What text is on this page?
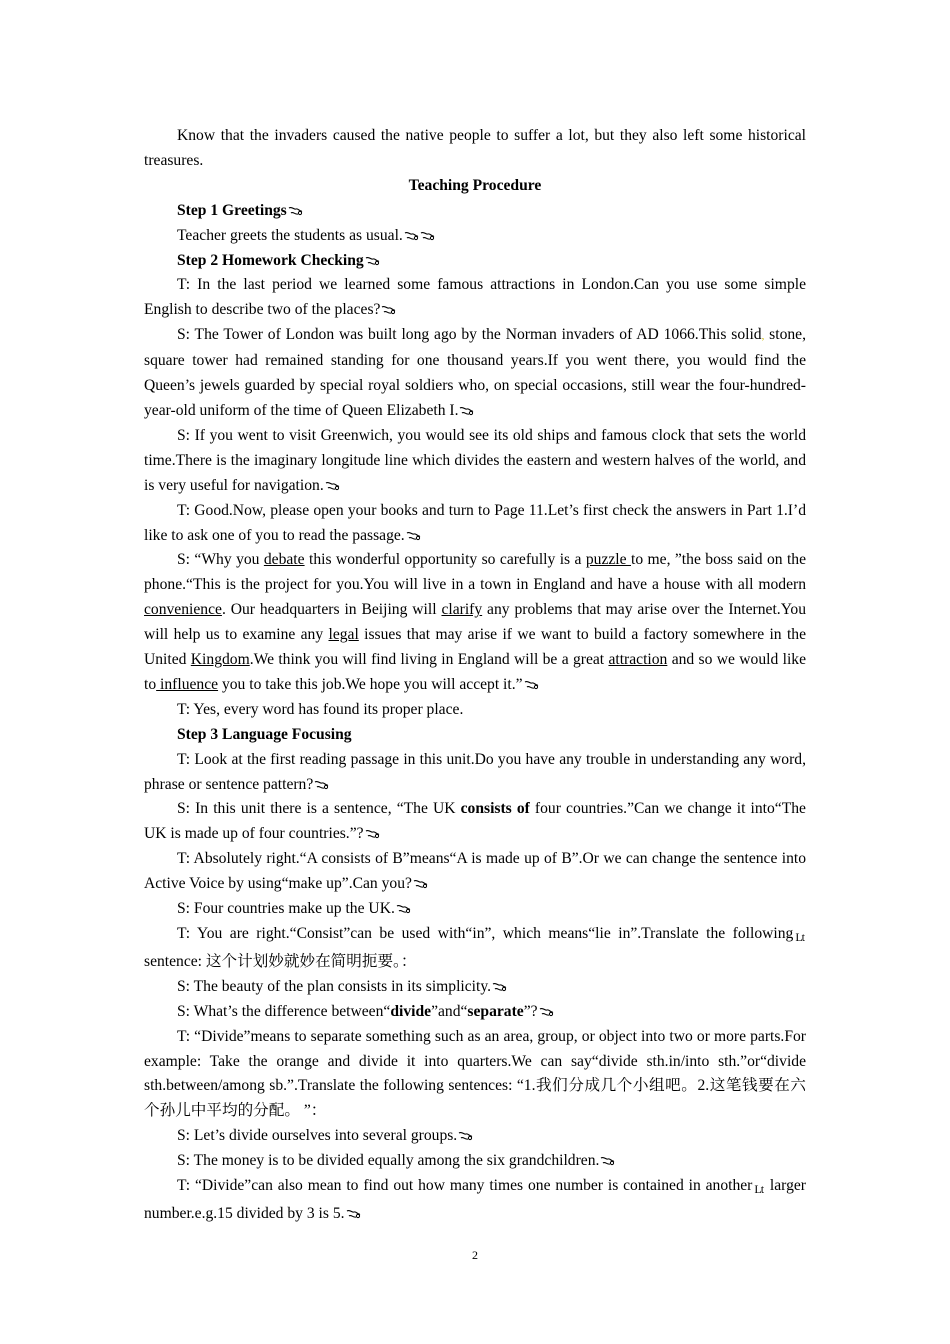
Know that the invaders caused the native people to suffer a lot, but they also left some historical treasures.

Teaching Procedure

Step 1 Greetings

Teacher greets the students as usual.

Step 2 Homework Checking

T: In the last period we learned some famous attractions in London.Can you use some simple English to describe two of the places?

S: The Tower of London was built long ago by the Norman invaders of AD 1066.This solid, stone, square tower had remained standing for one thousand years.If you went there, you would find the Queen’s jewels guarded by special royal soldiers who, on special occasions, still wear the four-hundred-year-old uniform of the time of Queen Elizabeth I.

S: If you went to visit Greenwich, you would see its old ships and famous clock that sets the world time.There is the imaginary longitude line which divides the eastern and western halves of the world, and is very useful for navigation.

T: Good.Now, please open your books and turn to Page 11.Let’s first check the answers in Part 1.I’d like to ask one of you to read the passage.

S: “Why you debate this wonderful opportunity so carefully is a puzzle to me, ”the boss said on the phone.“This is the project for you.You will live in a town in England and have a house with all modern convenience. Our headquarters in Beijing will clarify any problems that may arise over the Internet.You will help us to examine any legal issues that may arise if we want to build a factory somewhere in the United Kingdom.We think you will find living in England will be a great attraction and so we would like to influence you to take this job.We hope you will accept it.”

T: Yes, every word has found its proper place.

Step 3 Language Focusing

T: Look at the first reading passage in this unit.Do you have any trouble in understanding any word, phrase or sentence pattern?

S: In this unit there is a sentence, “The UK consists of four countries.”Can we change it into“The UK is made up of four countries.”?

T: Absolutely right.“A consists of B”means“A is made up of B”.Or we can change the sentence into Active Voice by using“make up”.Can you?

S: Four countries make up the UK.

T: You are right.“Consist”can be used with“in”, which means“lie in”.Translate the following Lt sentence: 这个计划妙就妙在简明扼要。：

S: The beauty of the plan consists in its simplicity.

S: What’s the difference between“divide”and“separate”?

T: “Divide”means to separate something such as an area, group, or object into two or more parts.For example: Take the orange and divide it into quarters.We can say“divide sth.in/into sth.”or“divide sth.between/among sb.”.Translate the following sentences: “1.我们分成几个小组吧。2.这笔钱要在六个孙儿中平均的分配。 ”：

S: Let’s divide ourselves into several groups.

S: The money is to be divided equally among the six grandchildren.

T: “Divide”can also mean to find out how many times one number is contained in another Lt larger number.e.g.15 divided by 3 is 5.

2
